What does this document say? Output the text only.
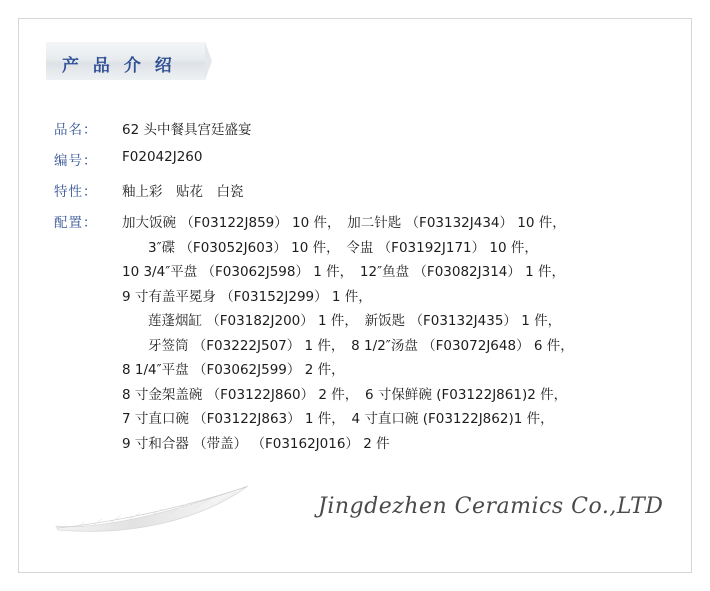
产 品 介 绍
品名：	62 头中餐具宫廷盛宴
编号：	F02042J260
特性：	釉上彩　贴花　白瓷
配置：	加大饭碗 （F03122J859） 10 件，　加二针匙 （F03132J434） 10 件，
3″碟 （F03052J603） 10 件，　令盅 （F03192J171） 10 件，
10 3/4″平盘 （F03062J598） 1 件，　12″鱼盘 （F03082J314） 1 件，
9 寸有盖平冕身 （F03152J299） 1 件，
莲蓬烟缸 （F03182J200） 1 件，　新饭匙 （F03132J435） 1 件，
牙签筒 （F03222J507） 1 件，　8 1/2″汤盘 （F03072J648） 6 件，
8 1/4″平盘 （F03062J599） 2 件，
8 寸金架盖碗 （F03122J860） 2 件，　6 寸保鲜碗 (F03122J861)2 件，
7 寸直口碗 （F03122J863） 1 件，　4 寸直口碗 (F03122J862)1 件，
9 寸和合器 （带盖） （F03162J016） 2 件
Jingdezhen Ceramics Co.,LTD
